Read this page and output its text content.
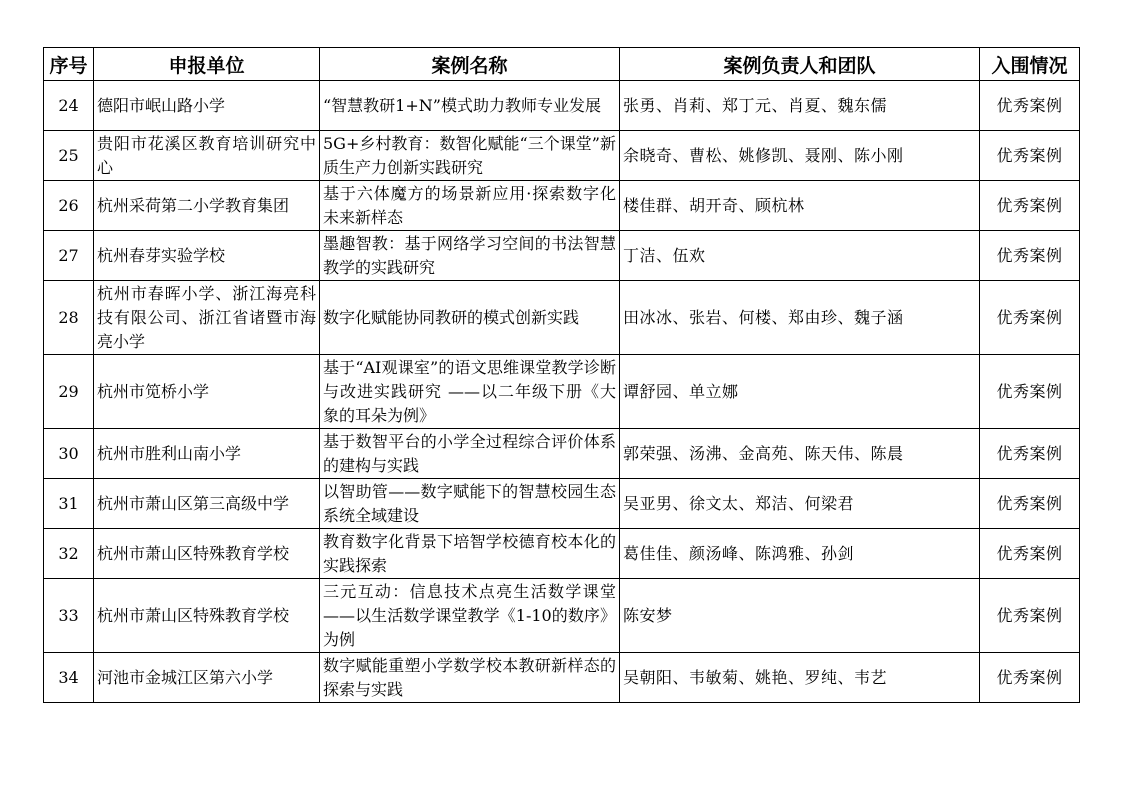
序号	申报单位	案例名称	案例负责人和团队	入围情况
24	德阳市岷山路小学	“智慧教研1+N”模式助力教师专业发展	张勇、肖莉、郑丁元、肖夏、魏东儒	优秀案例
25	贵阳市花溪区教育培训研究中心	5G+乡村教育：数智化赋能“三个课堂”新质生产力创新实践研究	余晓奇、曹松、姚修凯、聂刚、陈小刚	优秀案例
26	杭州采荷第二小学教育集团	基于六体魔方的场景新应用·探索数字化未来新样态	楼佳群、胡开奇、顾杭林	优秀案例
27	杭州春芽实验学校	墨趣智教：基于网络学习空间的书法智慧教学的实践研究	丁洁、伍欢	优秀案例
28	杭州市春晖小学、浙江海亮科技有限公司、浙江省诸暨市海亮小学	数字化赋能协同教研的模式创新实践	田冰冰、张岩、何楼、郑由珍、魏子涵	优秀案例
29	杭州市笕桥小学	基于“AI观课室”的语文思维课堂教学诊断与改进实践研究 ——以二年级下册《大象的耳朵为例》	谭舒园、单立娜	优秀案例
30	杭州市胜利山南小学	基于数智平台的小学全过程综合评价体系的建构与实践	郭荣强、汤沸、金高苑、陈天伟、陈晨	优秀案例
31	杭州市萧山区第三高级中学	以智助管——数字赋能下的智慧校园生态系统全域建设	吴亚男、徐文太、郑洁、何梁君	优秀案例
32	杭州市萧山区特殊教育学校	教育数字化背景下培智学校德育校本化的实践探索	葛佳佳、颜汤峰、陈鸿雅、孙剑	优秀案例
33	杭州市萧山区特殊教育学校	三元互动：信息技术点亮生活数学课堂——以生活数学课堂教学《1-10的数序》为例	陈安梦	优秀案例
34	河池市金城江区第六小学	数字赋能重塑小学数学校本教研新样态的探索与实践	吴朝阳、韦敏菊、姚艳、罗纯、韦艺	优秀案例
